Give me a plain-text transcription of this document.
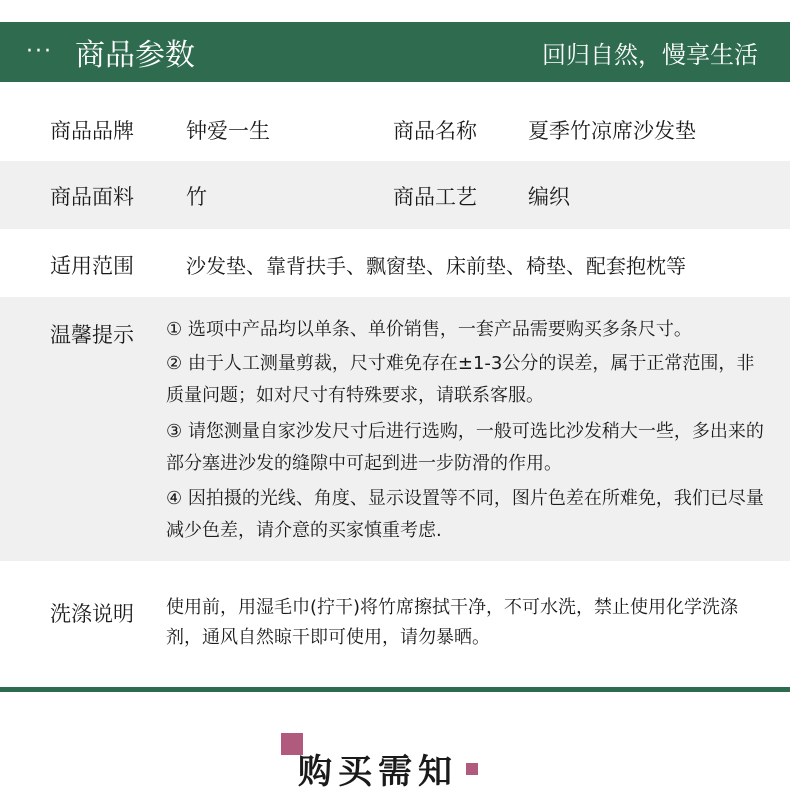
··· 商品参数	回归自然，慢享生活
商品品牌 钟爱一生	商品名称 夏季竹凉席沙发垫
商品面料 竹	商品工艺 编织
适用范围	沙发垫、靠背扶手、飘窗垫、床前垫、椅垫、配套抱枕等
温馨提示 ① 选项中产品均以单条、单价销售，一套产品需要购买多条尺寸。
② 由于人工测量剪裁，尺寸难免存在±1-3公分的误差，属于正常范围，非质量问题；如对尺寸有特殊要求，请联系客服。
③ 请您测量自家沙发尺寸后进行选购，一般可选比沙发稍大一些，多出来的部分塞进沙发的缝隙中可起到进一步防滑的作用。
④ 因拍摄的光线、角度、显示设置等不同，图片色差在所难免，我们已尽量减少色差，请介意的买家慎重考虑.
洗涤说明 使用前，用湿毛巾(拧干)将竹席擦拭干净，不可水洗，禁止使用化学洗涤剂，通风自然晾干即可使用，请勿暴晒。
购买需知
